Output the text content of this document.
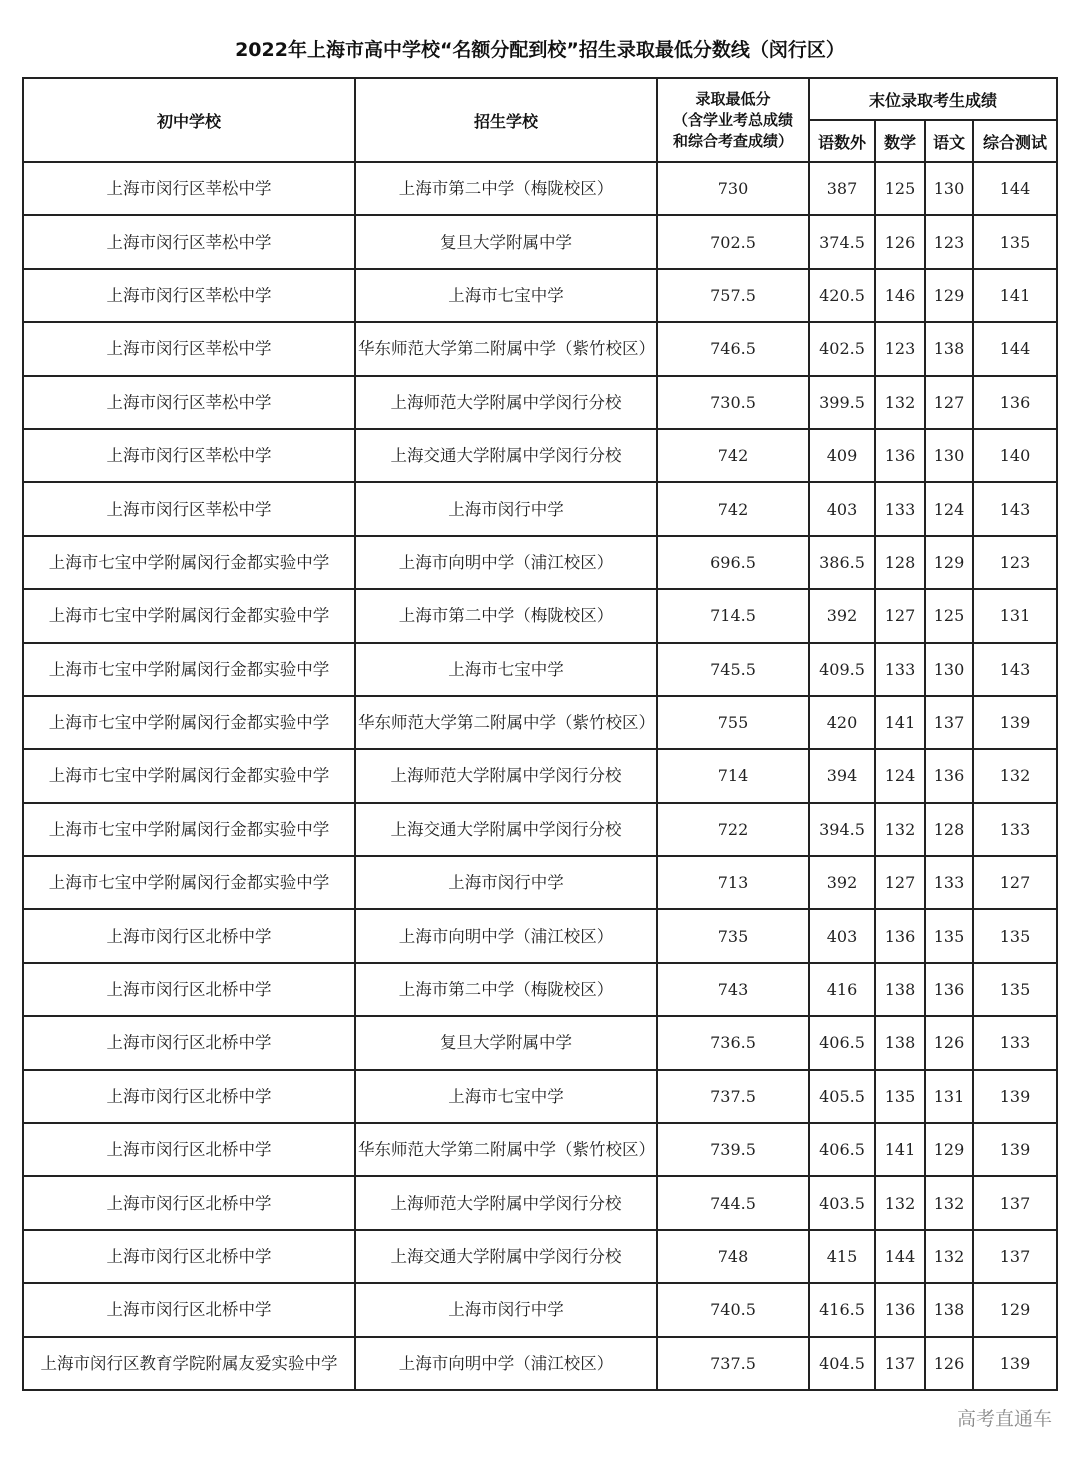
2022年上海市高中学校“名额分配到校”招生录取最低分数线（闵行区）
初中学校	招生学校	录取最低分
（含学业考总成绩
和综合考查成绩）	末位录取考生成绩			
			语数外	数学	语文	综合测试
上海市闵行区莘松中学	上海市第二中学（梅陇校区）	730	387	125	130	144
上海市闵行区莘松中学	复旦大学附属中学	702.5	374.5	126	123	135
上海市闵行区莘松中学	上海市七宝中学	757.5	420.5	146	129	141
上海市闵行区莘松中学	华东师范大学第二附属中学（紫竹校区）	746.5	402.5	123	138	144
上海市闵行区莘松中学	上海师范大学附属中学闵行分校	730.5	399.5	132	127	136
上海市闵行区莘松中学	上海交通大学附属中学闵行分校	742	409	136	130	140
上海市闵行区莘松中学	上海市闵行中学	742	403	133	124	143
上海市七宝中学附属闵行金都实验中学	上海市向明中学（浦江校区）	696.5	386.5	128	129	123
上海市七宝中学附属闵行金都实验中学	上海市第二中学（梅陇校区）	714.5	392	127	125	131
上海市七宝中学附属闵行金都实验中学	上海市七宝中学	745.5	409.5	133	130	143
上海市七宝中学附属闵行金都实验中学	华东师范大学第二附属中学（紫竹校区）	755	420	141	137	139
上海市七宝中学附属闵行金都实验中学	上海师范大学附属中学闵行分校	714	394	124	136	132
上海市七宝中学附属闵行金都实验中学	上海交通大学附属中学闵行分校	722	394.5	132	128	133
上海市七宝中学附属闵行金都实验中学	上海市闵行中学	713	392	127	133	127
上海市闵行区北桥中学	上海市向明中学（浦江校区）	735	403	136	135	135
上海市闵行区北桥中学	上海市第二中学（梅陇校区）	743	416	138	136	135
上海市闵行区北桥中学	复旦大学附属中学	736.5	406.5	138	126	133
上海市闵行区北桥中学	上海市七宝中学	737.5	405.5	135	131	139
上海市闵行区北桥中学	华东师范大学第二附属中学（紫竹校区）	739.5	406.5	141	129	139
上海市闵行区北桥中学	上海师范大学附属中学闵行分校	744.5	403.5	132	132	137
上海市闵行区北桥中学	上海交通大学附属中学闵行分校	748	415	144	132	137
上海市闵行区北桥中学	上海市闵行中学	740.5	416.5	136	138	129
上海市闵行区教育学院附属友爱实验中学	上海市向明中学（浦江校区）	737.5	404.5	137	126	139
高考直通车
